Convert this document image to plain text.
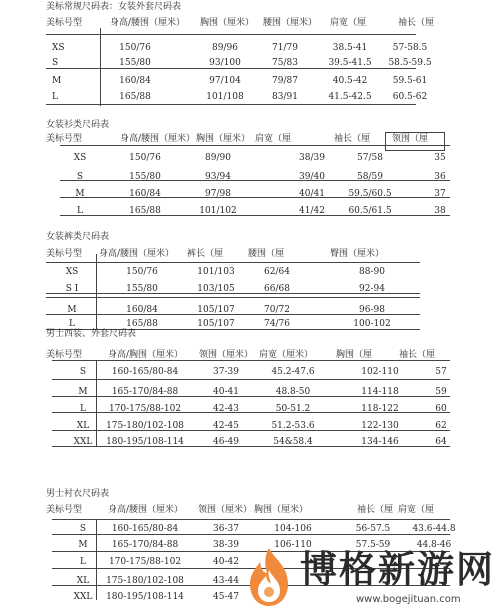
美标常规尺码表：女装外套尺码表
美标号型	身高/腰围（厘米） 胸围（厘米） 腰围（厘米） 肩宽（厘	袖长（厘
XS	150/76	89/96	71/79	38.5-41	57-58.5
S	155/80	93/100	75/83	39.5-41.5 58.5-59.5
M	160/84	97/104	79/87	40.5-42	59.5-61
L	165/88	101/108	83/91	41.5-42.5 60.5-62
女装衫类尺码表
美标号型	身高/腰围（厘米） 胸围（厘米） 肩宽（厘	袖长（厘 领围（厘
XS	150/76	89/90	38/39	57/58	35
S	155/80	93/94	39/40	58/59	36
M	160/84	97/98	40/41	59.5/60.5	37
L	165/88	101/102	41/42	60.5/61.5	38
女装裤类尺码表
美标号型 身高/腰围（厘米） 裤长（厘	腰围（厘	臀围（厘米）
XS	150/76	101/103	62/64	88-90
S I	155/80	103/105	66/68	92-94
M	160/84	105/107	70/72	96-98
L	165/88	105/107	74/76	100-102
男士西装、外套尺码表
美标号型	身高/胸围（厘米） 领围（厘米） 肩宽（厘米）	胸围（厘	袖长（厘
S	160-165/80-84	37-39	45.2-47.6	102-110	57
M	165-170/84-88	40-41	48.8-50	114-118	59
L	170-175/88-102	42-43	50-51.2	118-122	60
XL 175-180/102-108	42-45	51.2-53.6	122-130	62
XXL 180-195/108-114	46-49	54&58.4	134-146	64
男士衬衣尺码表
美标号型	身高/腰围（厘米） 领围（厘米） 胸围（厘米）	袖长（厘 肩宽（厘
S	160-165/80-84	36-37	104-106	56-57.5 43.6-44.8
M	165-170/84-88	38-39	106-110	57.5-59	44.8-46
L	170-175/88-102	40-42
XL 175-180/102-108	43-44
XXL 180-195/108-114	45-47
博格新游网
www.bogejituan.com
